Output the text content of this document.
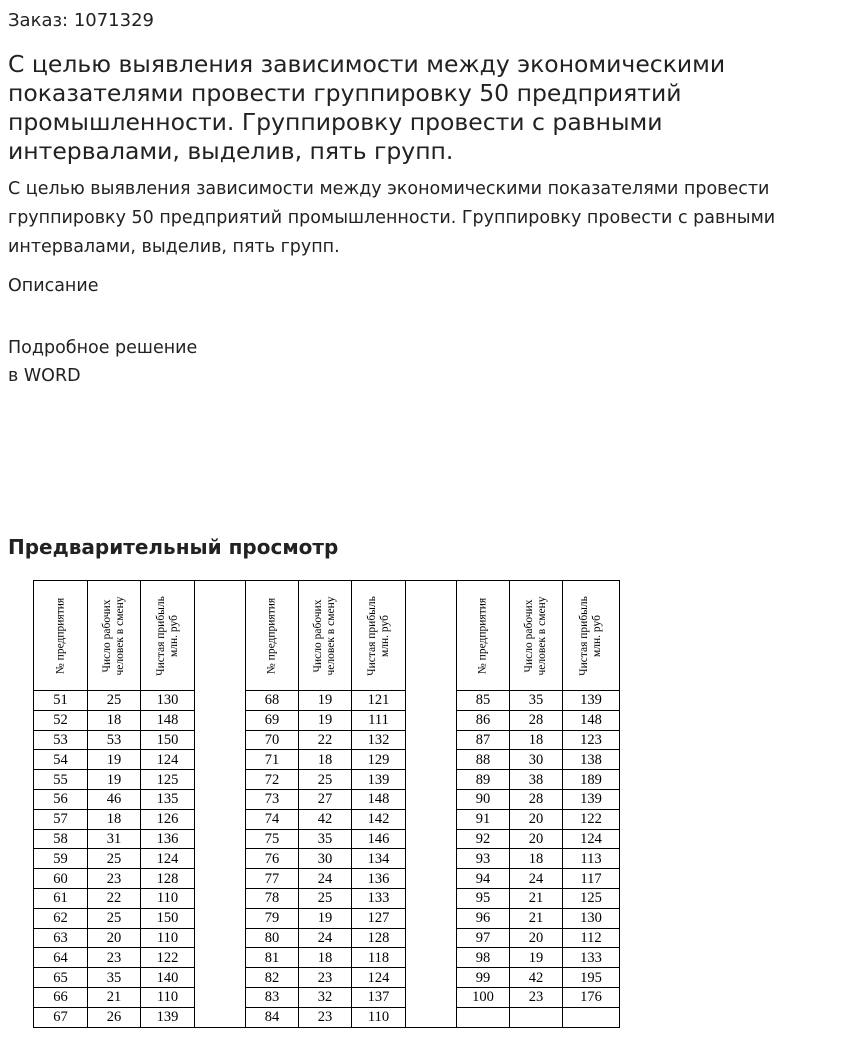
Заказ: 1071329
С целью выявления зависимости между экономическими показателями провести группировку 50 предприятий промышленности. Группировку провести с равными интервалами, выделив, пять групп.
С целью выявления зависимости между экономическими показателями провести группировку 50 предприятий промышленности. Группировку провести с равными интервалами, выделив, пять групп.
Описание
Подробное решение
в WORD
Предварительный просмотр
№ предприятия	Число рабочих человек в смену	Чистая прибыль млн. руб		№ предприятия	Число рабочих человек в смену	Чистая прибыль млн. руб		№ предприятия	Число рабочих человек в смену	Чистая прибыль млн. руб

51	25	130		68	19	121		85	35	139
52	18	148		69	19	111		86	28	148
53	53	150		70	22	132		87	18	123
54	19	124		71	18	129		88	30	138
55	19	125		72	25	139		89	38	189
56	46	135		73	27	148		90	28	139
57	18	126		74	42	142		91	20	122
58	31	136		75	35	146		92	20	124
59	25	124		76	30	134		93	18	113
60	23	128		77	24	136		94	24	117
61	22	110		78	25	133		95	21	125
62	25	150		79	19	127		96	21	130
63	20	110		80	24	128		97	20	112
64	23	122		81	18	118		98	19	133
65	35	140		82	23	124		99	42	195
66	21	110		83	32	137		100	23	176
67	26	139		84	23	110				
